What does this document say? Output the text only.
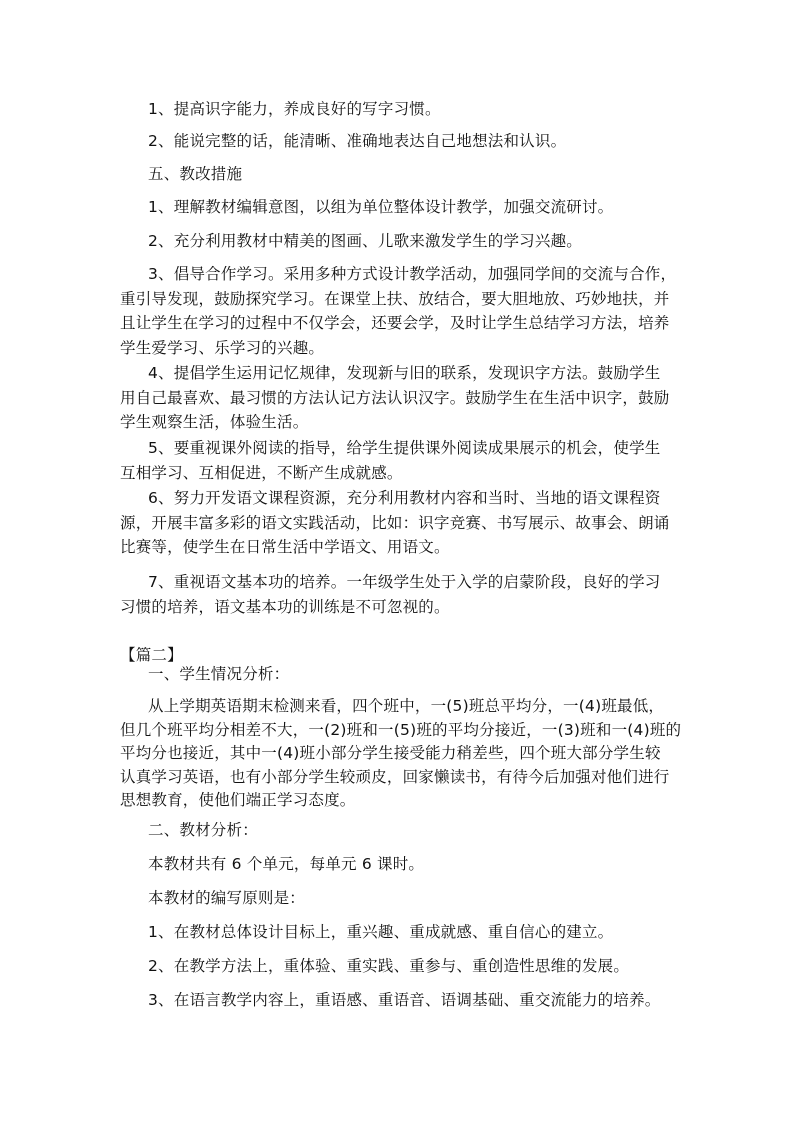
1、提高识字能力，养成良好的写字习惯。

2、能说完整的话，能清晰、准确地表达自己地想法和认识。

五、教改措施

1、理解教材编辑意图，以组为单位整体设计教学，加强交流研讨。

2、充分利用教材中精美的图画、儿歌来激发学生的学习兴趣。

3、倡导合作学习。采用多种方式设计教学活动，加强同学间的交流与合作，
重引导发现，鼓励探究学习。在课堂上扶、放结合，要大胆地放、巧妙地扶，并
且让学生在学习的过程中不仅学会，还要会学，及时让学生总结学习方法，培养
学生爱学习、乐学习的兴趣。
4、提倡学生运用记忆规律，发现新与旧的联系，发现识字方法。鼓励学生
用自己最喜欢、最习惯的方法认记方法认识汉字。鼓励学生在生活中识字，鼓励
学生观察生活，体验生活。
5、要重视课外阅读的指导，给学生提供课外阅读成果展示的机会，使学生
互相学习、互相促进，不断产生成就感。
6、努力开发语文课程资源，充分利用教材内容和当时、当地的语文课程资
源，开展丰富多彩的语文实践活动，比如：识字竞赛、书写展示、故事会、朗诵
比赛等，使学生在日常生活中学语文、用语文。
7、重视语文基本功的培养。一年级学生处于入学的启蒙阶段，良好的学习
习惯的培养，语文基本功的训练是不可忽视的。

【篇二】

一、学生情况分析：

从上学期英语期末检测来看，四个班中，一(5)班总平均分，一(4)班最低，
但几个班平均分相差不大，一(2)班和一(5)班的平均分接近，一(3)班和一(4)班的
平均分也接近，其中一(4)班小部分学生接受能力稍差些，四个班大部分学生较
认真学习英语，也有小部分学生较顽皮，回家懒读书，有待今后加强对他们进行
思想教育，使他们端正学习态度。

二、教材分析：

本教材共有 6 个单元，每单元 6 课时。

本教材的编写原则是：

1、在教材总体设计目标上，重兴趣、重成就感、重自信心的建立。

2、在教学方法上，重体验、重实践、重参与、重创造性思维的发展。

3、在语言教学内容上，重语感、重语音、语调基础、重交流能力的培养。
